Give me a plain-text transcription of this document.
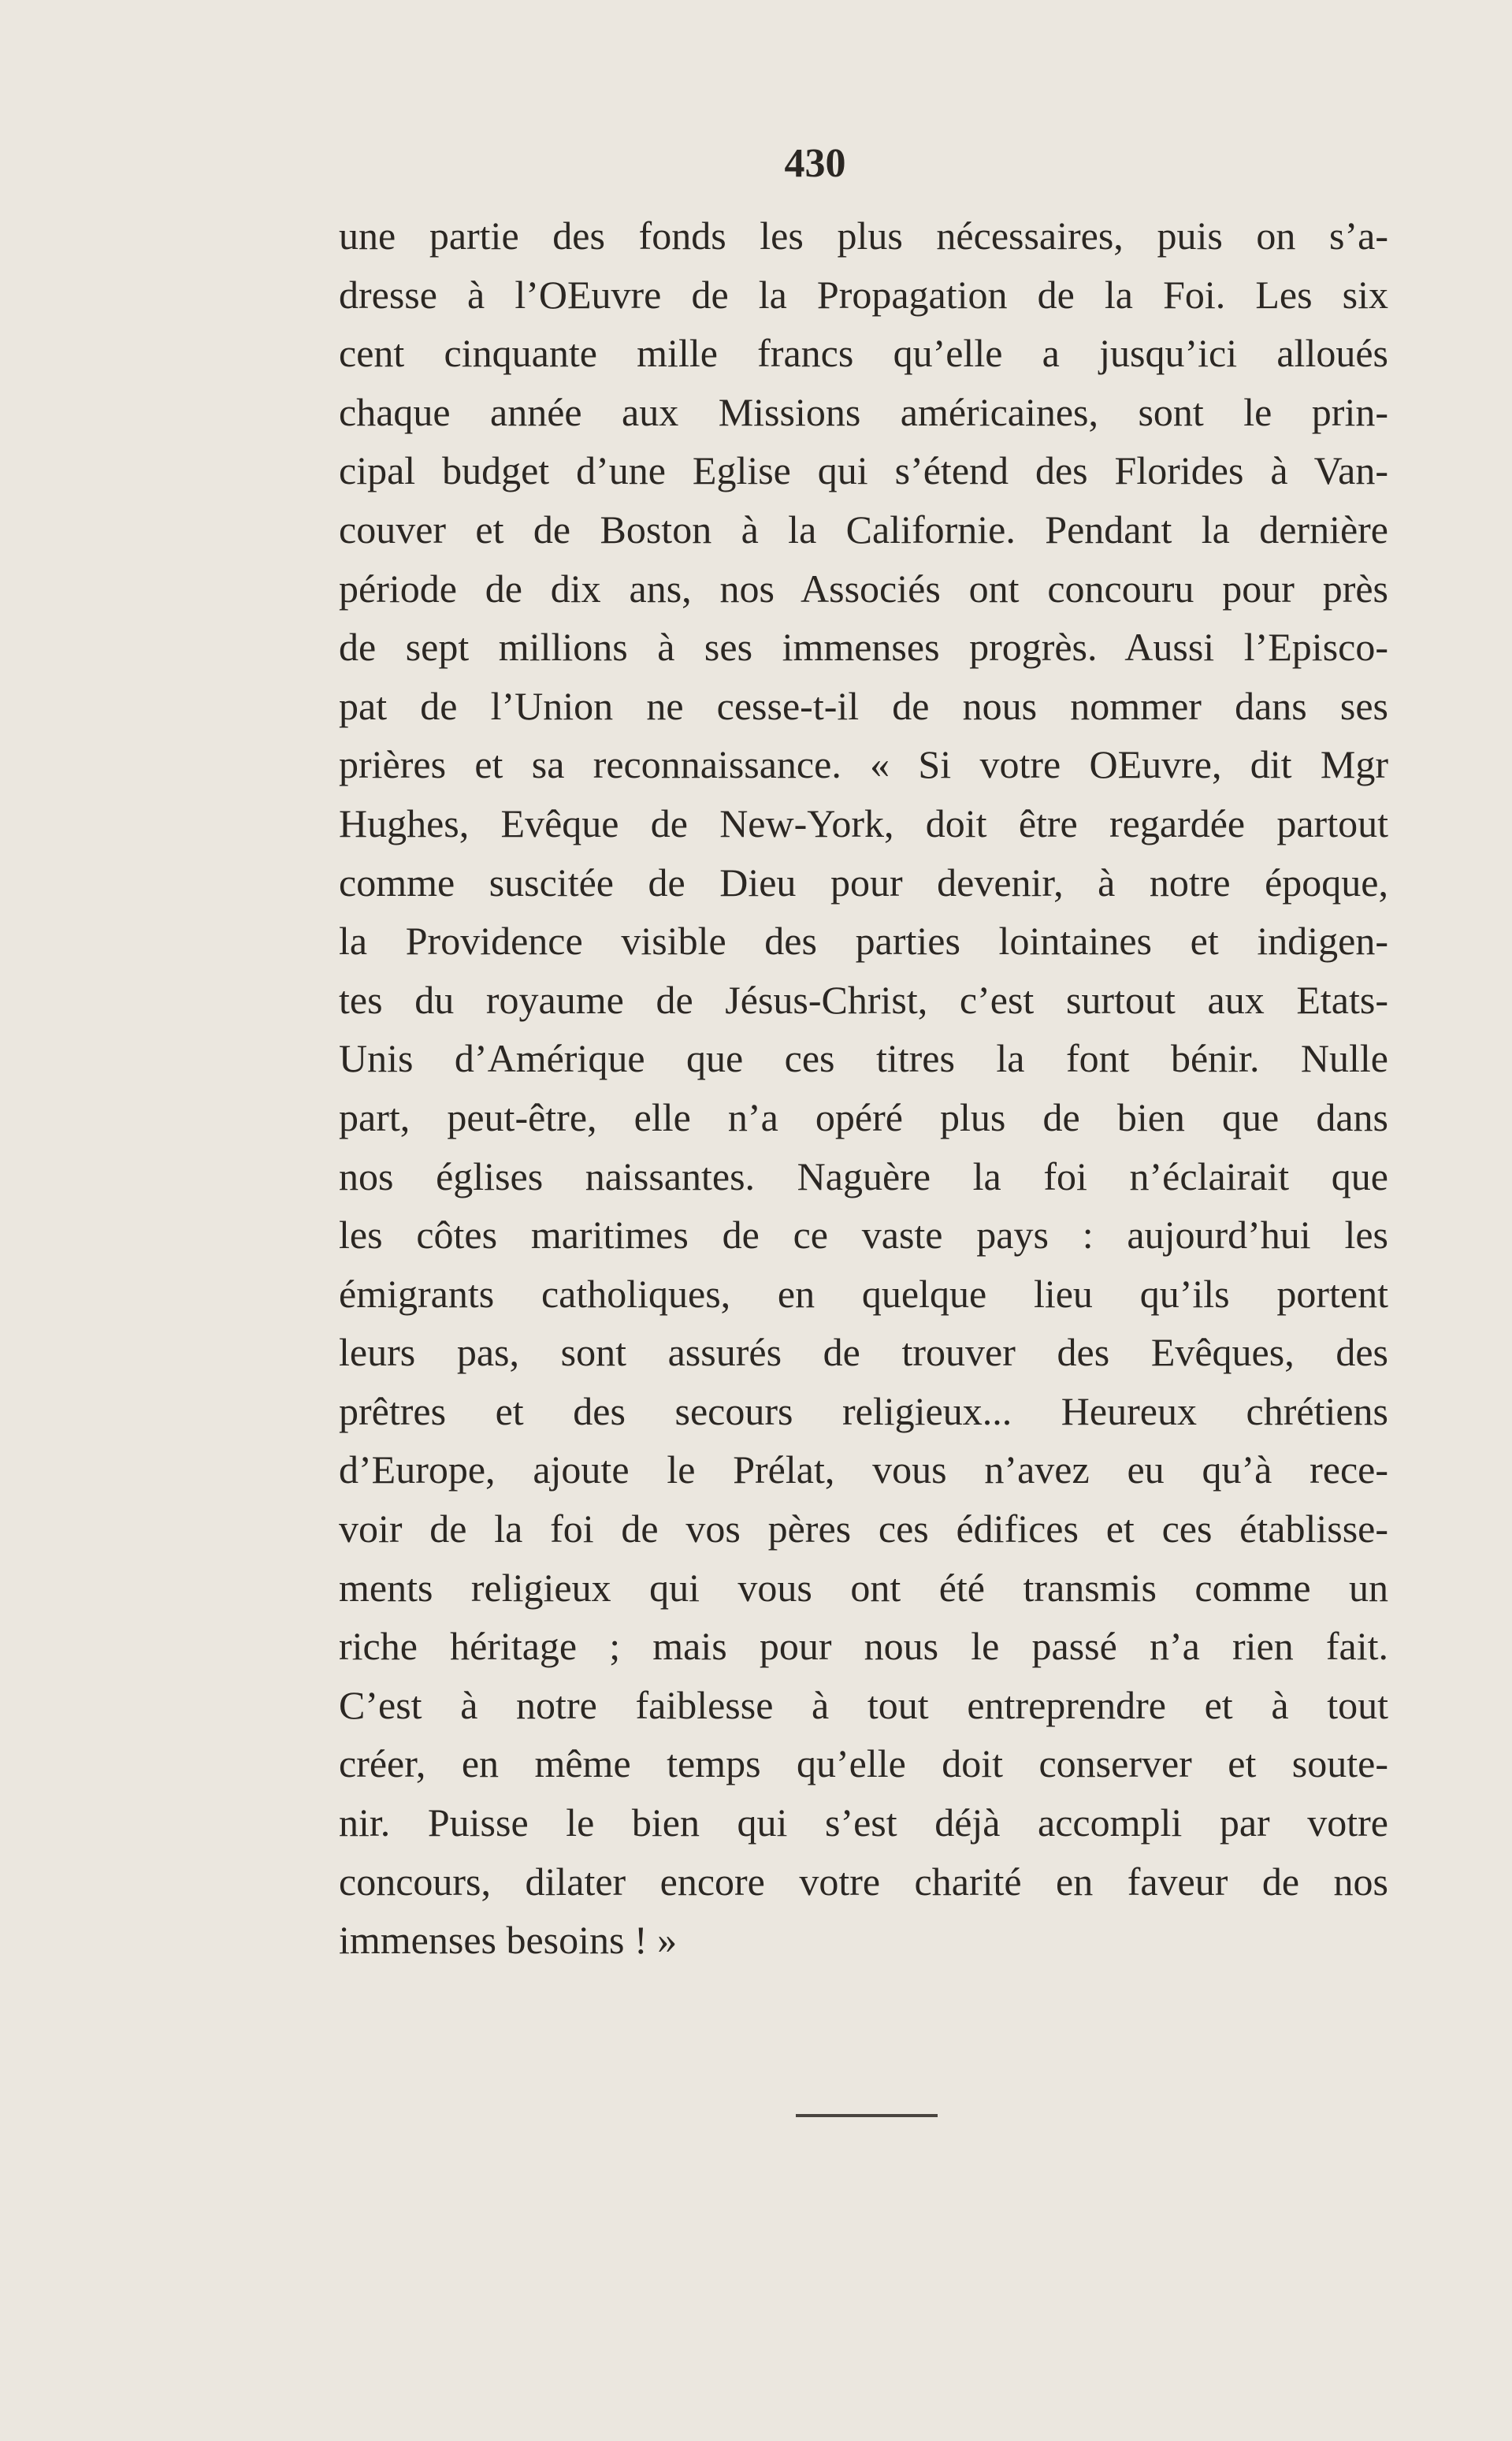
430
une partie des fonds les plus nécessaires, puis on s’a-
dresse à l’OEuvre de la Propagation de la Foi. Les six
cent cinquante mille francs qu’elle a jusqu’ici alloués
chaque année aux Missions américaines, sont le prin-
cipal budget d’une Eglise qui s’étend des Florides à Van-
couver et de Boston à la Californie. Pendant la dernière
période de dix ans, nos Associés ont concouru pour près
de sept millions à ses immenses progrès. Aussi l’Episco-
pat de l’Union ne cesse-t-il de nous nommer dans ses
prières et sa reconnaissance. « Si votre OEuvre, dit Mgr
Hughes, Evêque de New-York, doit être regardée partout
comme suscitée de Dieu pour devenir, à notre époque,
la Providence visible des parties lointaines et indigen-
tes du royaume de Jésus-Christ, c’est surtout aux Etats-
Unis d’Amérique que ces titres la font bénir. Nulle
part, peut-être, elle n’a opéré plus de bien que dans
nos églises naissantes. Naguère la foi n’éclairait que
les côtes maritimes de ce vaste pays : aujourd’hui les
émigrants catholiques, en quelque lieu qu’ils portent
leurs pas, sont assurés de trouver des Evêques, des
prêtres et des secours religieux... Heureux chrétiens
d’Europe, ajoute le Prélat, vous n’avez eu qu’à rece-
voir de la foi de vos pères ces édifices et ces établisse-
ments religieux qui vous ont été transmis comme un
riche héritage ; mais pour nous le passé n’a rien fait.
C’est à notre faiblesse à tout entreprendre et à tout
créer, en même temps qu’elle doit conserver et soute-
nir. Puisse le bien qui s’est déjà accompli par votre
concours, dilater encore votre charité en faveur de nos
immenses besoins ! »
